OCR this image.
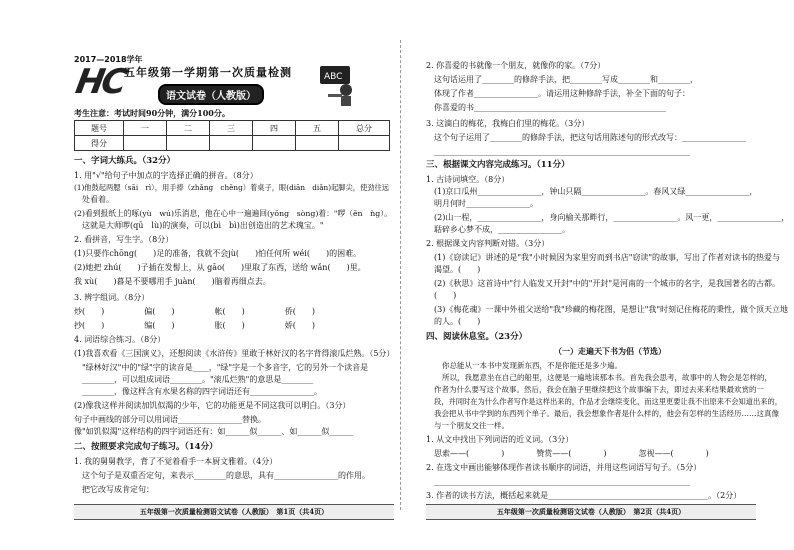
2017—2018学年
HC
五年级第一学期第一次质量检测
语文试卷（人教版）
ABC
考生注意：考试时间90分钟，满分100分。
题号	一	二	三	四	五	总分
得分						
一、字词大练兵。（32分）
1. 用"√"给句子中加点的字选择正确的拼音。（8分）
(1)他鼓起两腮（sāi　rì），用手捧（zhǎng　chěng）着桌子，眼(diān　diǎn)起脚尖，使劲往远
处看着。
(2)看到报纸上的啄(yù　wú)乐消息，他在心中一遍遍回(yǒng　sòng)着："啰（ěn　ǹg）。
这就是大师啰(qū　lù)的演奏，可以(bì　bì)出创造出的艺术瑰宝。"
2. 看拼音，写生字。（8分）
(1)只要作chōng(　　)足的准备，我就不会jù(　　)怕任何所 wéi(　　)的困难。
(2)她把 zhú(　　)子插在发髻上，从 gāo(　　)里取了东西，送给 wǎn(　　)里。
我 xù(　　)暮是不要哪用手 juàn(　　)脑着再细点去。
3. 辨字组词。（8分）
炒(　　)　　　　　偏(　　)　　　　　帐(　　)　　　　　侨(　　)
抄(　　)　　　　　编(　　)　　　　　胀(　　)　　　　　娇(　　)
4. 词语综合练习。（8分）
(1)我喜欢看《三国演义》，还想阅读《水浒传》里敢于林好汉的名字背得滚瓜烂熟。（5分）
"绿林好汉"中的"绿"字的读音是____，"绿"字是一个多音字，它的另外一个读音是
________，可以组成词语________。"滚瓜烂熟"的意思是________
________，像这样含有水果名称的四字词语还有________________。
(2)像我这样并阅读加饥似渴的少年，它的功能更是不同这我可以明白。（3分）
句子中画线的部分可以用词语________________替换。
像"如饥似渴"这样结构的四字词语还有：如______似______、如______似______
二、按照要求完成句子练习。（14分）
1. 我的舅舅教学，背了不觉着看手一本厨文雅着。（4分）
这个句子是双重否定句，来表示________的意思，具有________________的作用。
把它改写成肯定句：
五年级第一次质量检测语文试卷（人教版）　第1页（共4页）
2. 你喜爱的书就像一个朋友，就像你的家。（7分）
这句话运用了________的修辞手法，把________写成________和________，
体现了作者________________。请运用这种修辞手法，补全下面的句子：
你喜爱的书________________________________________________
3. 这滴白的梅花，我梅白们里的梅花。（3分）
这个句子运用了________的修辞手法，把这句话用陈述句的形式改写：________________
________________________________________________________________
三、根据课文内容完成练习。（11分）
1. 古诗词填空。（8分）
(1)京口瓜州________________，钟山只隔________________。春风又绿________________，
明月何时________________。
(2)山一程，________________，身向榆关那畔行，________________。风一更，________________，
聒碎乡心梦不成，________________。
2. 根据课文内容判断对错。（3分）
(1)《窃读记》讲述的是"我"小时候因为家里穷而到书店"窃读"的故事，写出了作者对读书的热爱与
渴望。(　　)
(2)《秋思》这首诗中"行人临发又开封"中的"开封"是河南的一个城市的名字，是我国著名的古都。
(　　)
(3)《梅花魂》一课中外祖父送给"我"珍藏的梅花图，是想让"我"时刻记住梅花的秉性，做个顶天立地
的人。(　　)
四、阅读休息室。（23分）
（一）走遍天下书为侣（节选）
你总能从一本书中发现新东西，不是你能还是多少遍。
所以，我愿意坐在自己的船里，这便是一遍地读那本书。首先我会思考，故事中的人物会是怎样的，
作者为什么要写这个故事。然后，我会在脑子里继续把这个故事编下去，即过去来来结果最欢赏的一
段，并同时在为什么作者写作是这样出来的，作品才会继续变化，而这里更要让我不出原来不会知道出来的，
我会把从书中学到的东西列个单子。最后，我会想象作者是什么样的，他会有怎样的生活经历……这真像
与一个朋友交往一样。
1. 从文中找出下列词语的近义词。（3分）
思索——(　　　　)　　　　赞赏——(　　　　)　　　　忽视——(　　　　)
2. 在选文中画出能够体现作者读书顺序的词语，并用这些词语写句子。（5分）
________________________________________________________________
3. 作者的读书方法，概括起来就是________________________________________。（2分）
五年级第一次质量检测语文试卷（人教版）　第2页（共4页）
